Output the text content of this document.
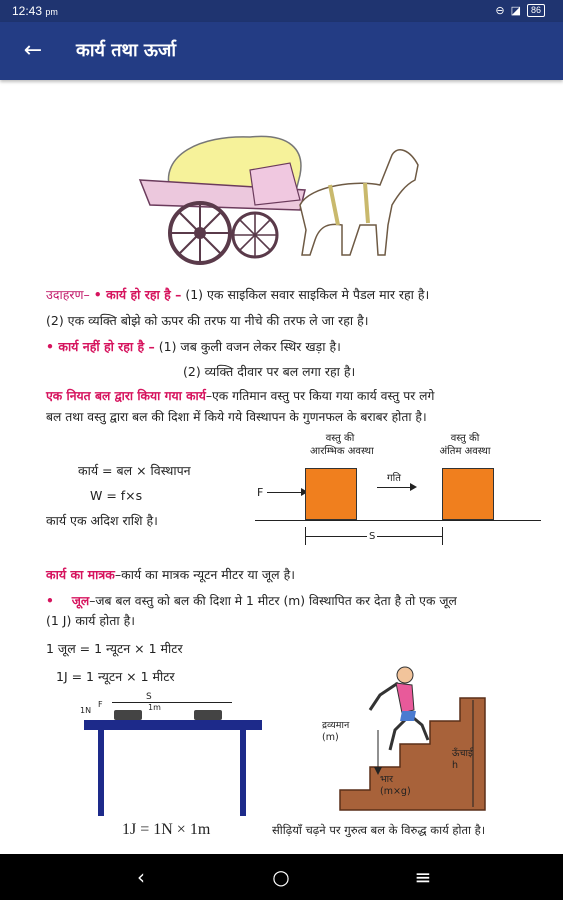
12:43 pm	⊖ ◪	86
←	कार्य तथा ऊर्जा
उदाहरण– • कार्य हो रहा है – (1) एक साइकिल सवार साइकिल मे पैडल मार रहा है।
(2) एक व्यक्ति बोझे को ऊपर की तरफ या नीचे की तरफ ले जा रहा है।
• कार्य नहीं हो रहा है – (1) जब कुली वजन लेकर स्थिर खड़ा है।
(2) व्यक्ति दीवार पर बल लगा रहा है।
एक नियत बल द्वारा किया गया कार्य–एक गतिमान वस्तु पर किया गया कार्य वस्तु पर लगे
बल तथा वस्तु द्वारा बल की दिशा में किये गये विस्थापन के गुणनफल के बराबर होता है।
कार्य = बल × विस्थापन
W = f×s
कार्य एक अदिश राशि है।
वस्तु की
आरम्भिक अवस्था
वस्तु की
अंतिम अवस्था
F
गति
S
कार्य का मात्रक–कार्य का मात्रक न्यूटन मीटर या जूल है।
• जूल–जब बल वस्तु को बल की दिशा मे 1 मीटर (m) विस्थापित कर देता है तो एक जूल
(1 J) कार्य होता है।
1 जूल = 1 न्यूटन × 1 मीटर
1J = 1 न्यूटन × 1 मीटर
S
1m
1N
F
1J = 1N × 1m
द्रव्यमान
(m)
भार
(m×g)
ऊँचाई
h
सीढ़ियाँ चढ़ने पर गुरुत्व बल के विरुद्ध कार्य होता है।
‹	○	≡
